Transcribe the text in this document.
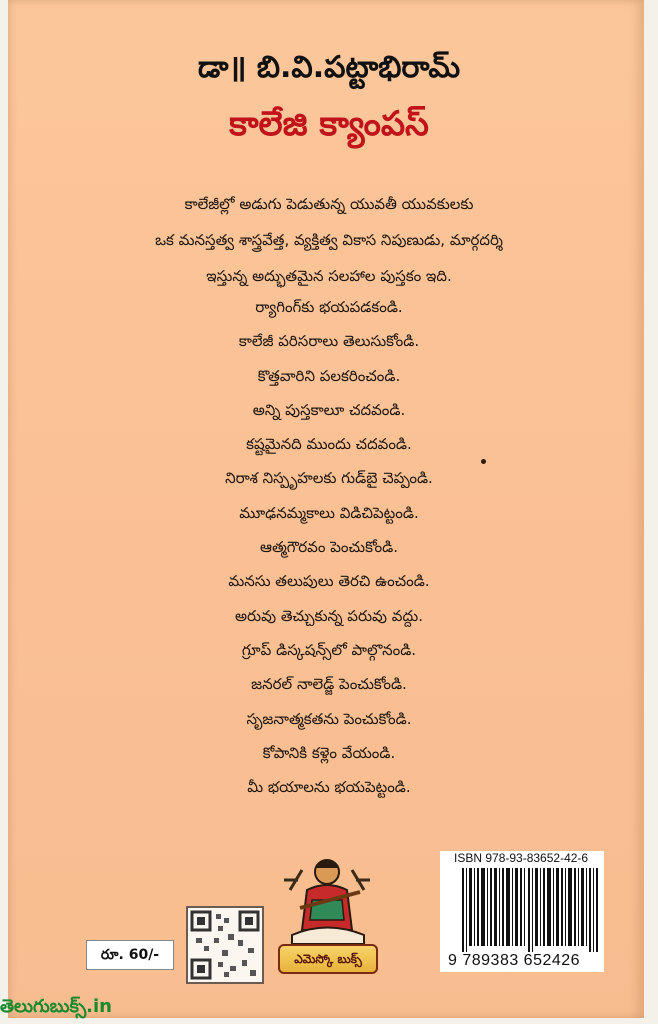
డా॥ బి.వి.పట్టాభిరామ్
కాలేజి క్యాంపస్
కాలేజీల్లో అడుగు పెడుతున్న యువతీ యువకులకు
ఒక మనస్తత్వ శాస్త్రవేత్త, వ్యక్తిత్వ వికాస నిపుణుడు, మార్గదర్శి
ఇస్తున్న అద్భుతమైన సలహాల పుస్తకం ఇది.
ర్యాగింగ్‌కు భయపడకండి.
కాలేజీ పరిసరాలు తెలుసుకోండి.
కొత్తవారిని పలకరించండి.
అన్ని పుస్తకాలూ చదవండి.
కష్టమైనది ముందు చదవండి.
నిరాశ నిస్పృహలకు గుడ్‌బై చెప్పండి.
మూఢనమ్మకాలు విడిచిపెట్టండి.
ఆత్మగౌరవం పెంచుకోండి.
మనసు తలుపులు తెరచి ఉంచండి.
అరువు తెచ్చుకున్న పరువు వద్దు.
గ్రూప్ డిస్కషన్స్‌లో పాల్గొనండి.
జనరల్ నాలెడ్జ్ పెంచుకోండి.
సృజనాత్మకతను పెంచుకోండి.
కోపానికి కళ్లెం వేయండి.
మీ భయాలను భయపెట్టండి.
రూ. 60/-	ఎమెస్కో బుక్స్
ISBN 978-93-83652-42-6
9 789383 652426
తెలుగుబుక్స్.in
